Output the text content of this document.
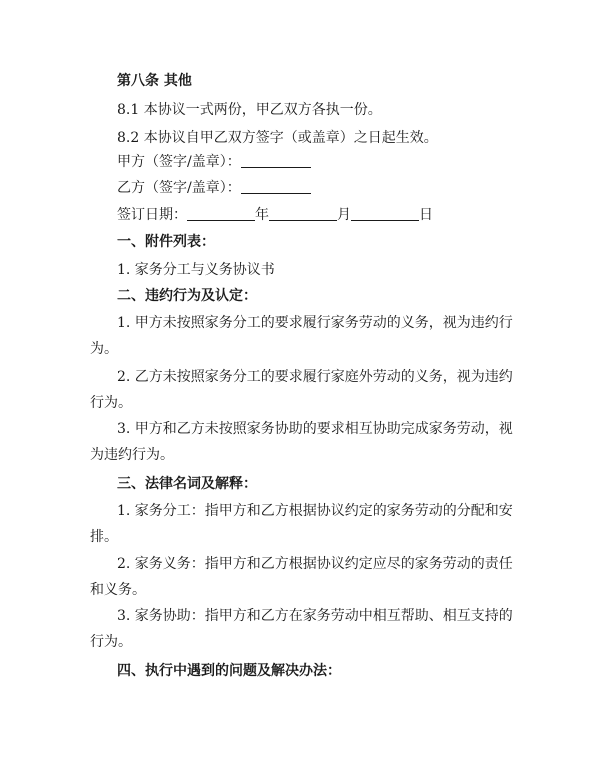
第八条 其他
8.1 本协议一式两份，甲乙双方各执一份。
8.2 本协议自甲乙双方签字（或盖章）之日起生效。
甲方（签字/盖章）：
乙方（签字/盖章）：
签订日期：	年	月	日
一、附件列表：
1. 家务分工与义务协议书
二、违约行为及认定：
1. 甲方未按照家务分工的要求履行家务劳动的义务，视为违约行
为。
2. 乙方未按照家务分工的要求履行家庭外劳动的义务，视为违约
行为。
3. 甲方和乙方未按照家务协助的要求相互协助完成家务劳动，视
为违约行为。
三、法律名词及解释：
1. 家务分工：指甲方和乙方根据协议约定的家务劳动的分配和安
排。
2. 家务义务：指甲方和乙方根据协议约定应尽的家务劳动的责任
和义务。
3. 家务协助：指甲方和乙方在家务劳动中相互帮助、相互支持的
行为。
四、执行中遇到的问题及解决办法：
